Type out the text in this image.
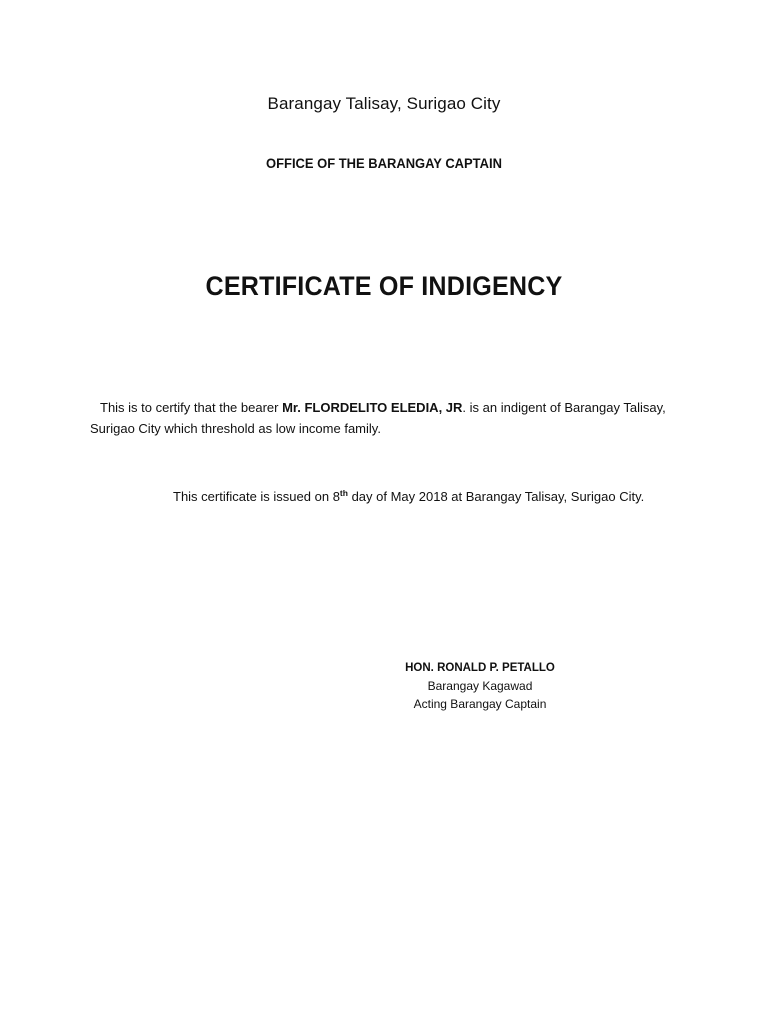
Barangay Talisay, Surigao City
OFFICE OF THE BARANGAY CAPTAIN
CERTIFICATE OF INDIGENCY
This is to certify that the bearer Mr. FLORDELITO ELEDIA, JR. is an indigent of Barangay Talisay, Surigao City which threshold as low income family.
This certificate is issued on 8th day of May 2018 at Barangay Talisay, Surigao City.
HON. RONALD P. PETALLO
Barangay Kagawad
Acting Barangay Captain
